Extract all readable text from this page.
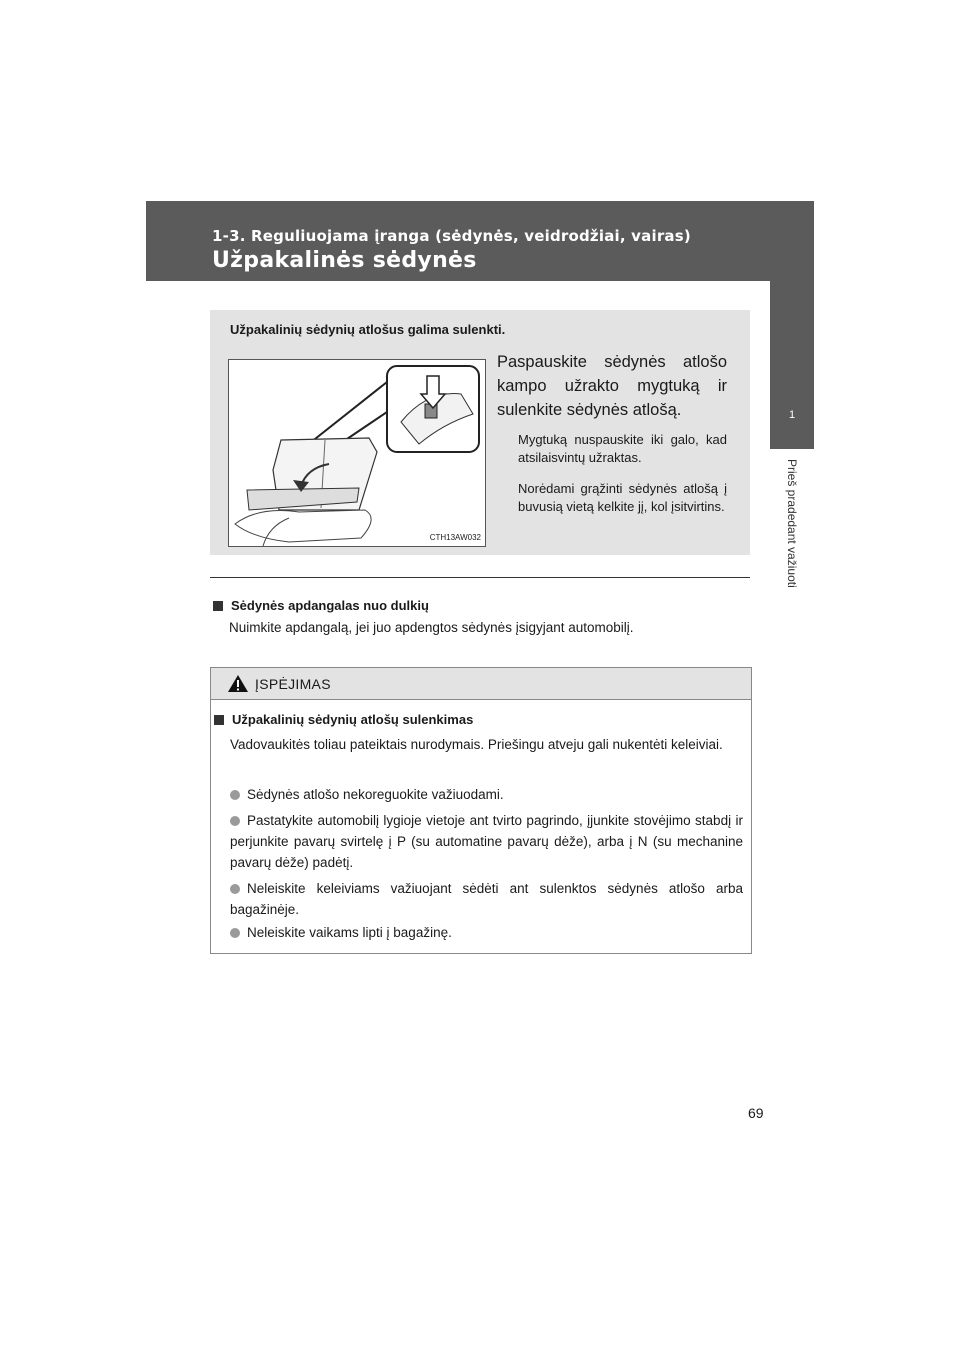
1-3. Reguliuojama įranga (sėdynės, veidrodžiai, vairas)
Užpakalinės sėdynės
1
Prieš pradedant važiuoti
Užpakalinių sėdynių atlošus galima sulenkti.
CTH13AW032
Paspauskite sėdynės atlošo kampo užrakto mygtuką ir sulenkite sėdynės atlošą.
Mygtuką nuspauskite iki galo, kad atsilaisvintų užraktas.
Norėdami grąžinti sėdynės atlošą į buvusią vietą kelkite jį, kol įsitvirtins.
Sėdynės apdangalas nuo dulkių
Nuimkite apdangalą, jei juo apdengtos sėdynės įsigyjant automobilį.
ĮSPĖJIMAS
Užpakalinių sėdynių atlošų sulenkimas
Vadovaukitės toliau pateiktais nurodymais. Priešingu atveju gali nukentėti keleiviai.
Sėdynės atlošo nekoreguokite važiuodami.
Pastatykite automobilį lygioje vietoje ant tvirto pagrindo, įjunkite stovėjimo stabdį ir perjunkite pavarų svirtelę į P (su automatine pavarų dėže), arba į N (su mechanine pavarų dėže) padėtį.
Neleiskite keleiviams važiuojant sėdėti ant sulenktos sėdynės atlošo arba bagažinėje.
Neleiskite vaikams lipti į bagažinę.
69
